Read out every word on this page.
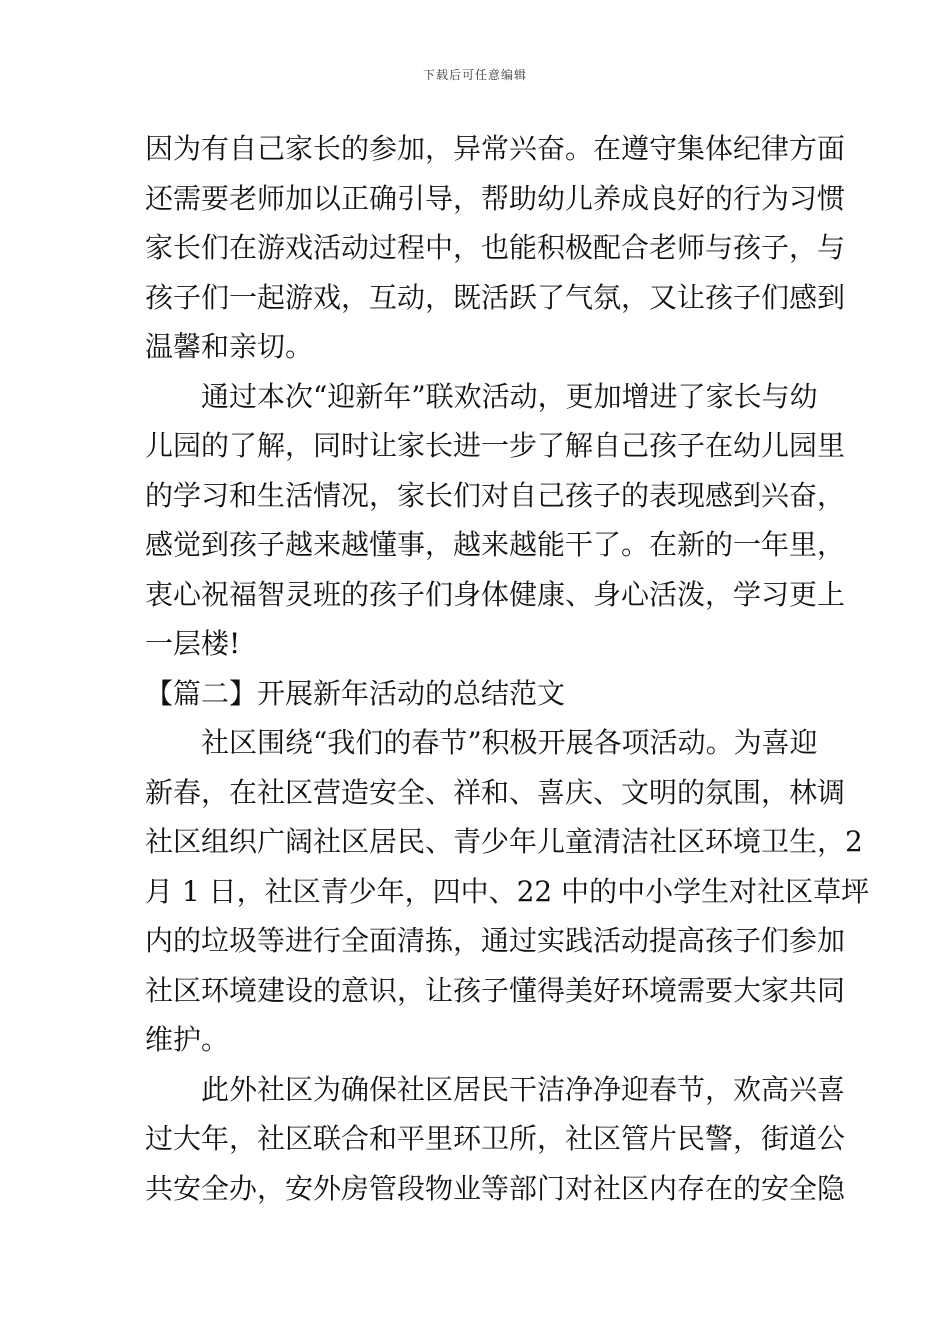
下载后可任意编辑
因为有自己家长的参加，异常兴奋。在遵守集体纪律方面
还需要老师加以正确引导，帮助幼儿养成良好的行为习惯
家长们在游戏活动过程中，也能积极配合老师与孩子，与
孩子们一起游戏，互动，既活跃了气氛，又让孩子们感到
温馨和亲切。
通过本次“迎新年”联欢活动，更加增进了家长与幼
儿园的了解，同时让家长进一步了解自己孩子在幼儿园里
的学习和生活情况，家长们对自己孩子的表现感到兴奋，
感觉到孩子越来越懂事，越来越能干了。在新的一年里，
衷心祝福智灵班的孩子们身体健康、身心活泼，学习更上
一层楼!
【篇二】开展新年活动的总结范文
社区围绕“我们的春节”积极开展各项活动。为喜迎
新春，在社区营造安全、祥和、喜庆、文明的氛围，林调
社区组织广阔社区居民、青少年儿童清洁社区环境卫生，2
月 1 日，社区青少年，四中、22 中的中小学生对社区草坪
内的垃圾等进行全面清拣，通过实践活动提高孩子们参加
社区环境建设的意识，让孩子懂得美好环境需要大家共同
维护。
此外社区为确保社区居民干洁净净迎春节，欢高兴喜
过大年，社区联合和平里环卫所，社区管片民警，街道公
共安全办，安外房管段物业等部门对社区内存在的安全隐
